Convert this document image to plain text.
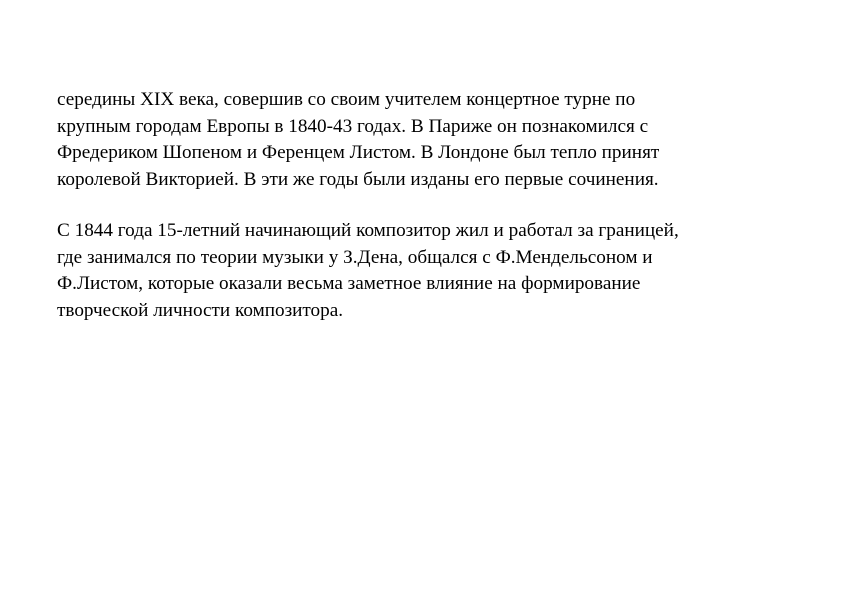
середины XIX века, совершив со своим учителем концертное турне по
крупным городам Европы в 1840-43 годах. В Париже он познакомился с
Фредериком Шопеном и Ференцем Листом. В Лондоне был тепло принят
королевой Викторией. В эти же годы были изданы его первые сочинения.
С 1844 года 15-летний начинающий композитор жил и работал за границей,
где занимался по теории музыки у З.Дена, общался с Ф.Мендельсоном и
Ф.Листом, которые оказали весьма заметное влияние на формирование
творческой личности композитора.
